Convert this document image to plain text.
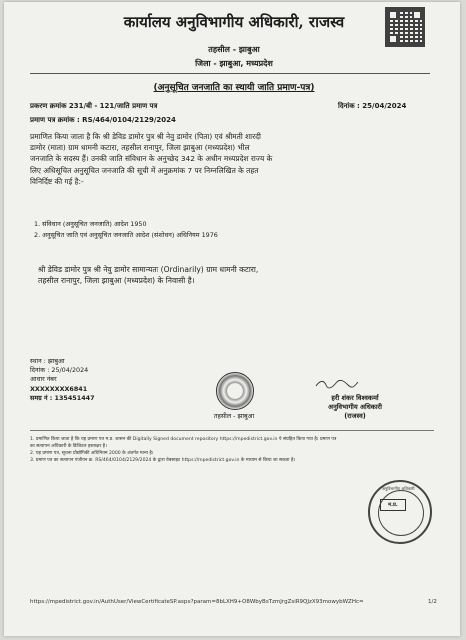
कार्यालय अनुविभागीय अधिकारी, राजस्व
तहसील - झाबुआ
जिला - झाबुआ, मध्यप्रदेश
(अनुसूचित जनजाति का स्थायी जाति प्रमाण-पत्र)
प्रकरण क्रमांक 231/बी - 121/जाति प्रमाण पत्र	दिनांक : 25/04/2024
प्रमाण पत्र क्रमांक : RS/464/0104/2129/2024
प्रमाणित किया जाता है कि श्री डेविड डामोर पुत्र श्री नेवु डामोर (पिता) एवं श्रीमती शारदी
डामोर (माता) ग्राम धामनी कटारा, तहसील रानापुर, जिला झाबुआ (मध्यप्रदेश) भील
जनजाति के सदस्य हैं। उनकी जाति संविधान के अनुच्छेद 342 के अधीन मध्यप्रदेश राज्य के
लिए अधिसूचित अनुसूचित जनजाति की सूची में अनुक्रमांक 7 पर निम्नलिखित के तहत
विनिर्दिष्ट की गई है:-
1. संविधान (अनुसूचित जनजाति) आदेश 1950
2. अनुसूचित जाति एवं अनुसूचित जनजाति आदेश (संशोधन) अधिनियम 1976
श्री डेविड डामोर पुत्र श्री नेवु डामोर सामान्यतः (Ordinarily) ग्राम धामनी कटारा,
तहसील रानापुर, जिला झाबुआ (मध्यप्रदेश) के निवासी है।
स्थान : झाबुआ
दिनांक : 25/04/2024
आधार नंबर
XXXXXXXX6841
समग्र नं : 135451447
तहसील - झाबुआ
हरी शंकर विश्वकर्मा
अनुविभागीय अधिकारी
(राजस्व)
1. प्रमाणित किया जाता है कि यह प्रमाण पत्र म.प्र. शासन की Digitally Signed document repository https://mpedistrict.gov.in पे संग्रहित किया गया है। प्रमाण पत्र
का सत्यापन अधिकारी के डिजिटल हस्ताक्षर है।
2. यह प्रमाण पत्र, सूचना प्रौद्योगिकी अधिनियम 2000 के अंतर्गत मान्य है।
3. प्रमाण पत्र का सत्यापन पंजीयन क्र. RS/464/0104/2129/2024 के द्वारा वेबसाइट https://mpedistrict.gov.in के माध्यम से किया जा सकता है।
म.प्र.
अनुविभागीय अधिकारी
https://mpedistrict.gov.in/AuthUser/ViewCertificateSP.aspx?param=8bLXH9+O8WbyBsTzmJrgZsiR9QJzX93mowybWZHc=	1/2
